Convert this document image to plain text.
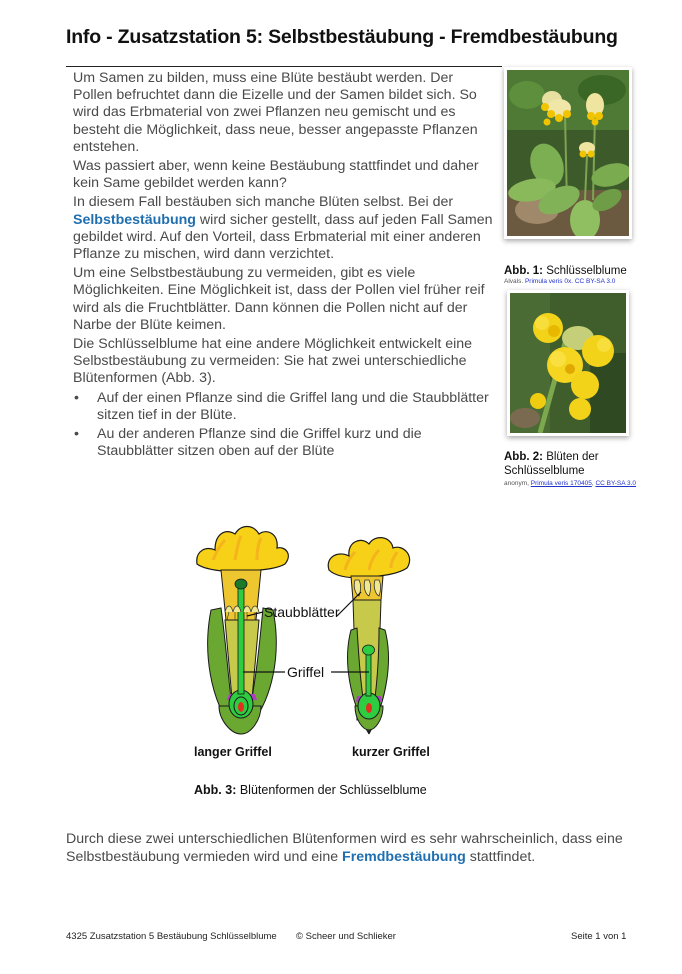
Info - Zusatzstation 5: Selbstbestäubung - Fremdbestäubung

Um Samen zu bilden, muss eine Blüte bestäubt werden. Der Pollen befruchtet dann die Eizelle und der Samen bildet sich. So wird das Erbmaterial von zwei Pflanzen neu gemischt und es besteht die Möglichkeit, dass neue, besser angepasste Pflanzen entstehen.

Was passiert aber, wenn keine Bestäubung stattfindet und daher kein Same gebildet werden kann?

In diesem Fall bestäuben sich manche Blüten selbst. Bei der Selbstbestäubung wird sicher gestellt, dass auf jeden Fall Samen gebildet wird. Auf den Vorteil, dass Erbmaterial mit einer anderen Pflanze zu mischen, wird dann verzichtet.

Um eine Selbstbestäubung zu vermeiden, gibt es viele Möglichkeiten. Eine Möglichkeit ist, dass der Pollen viel früher reif wird als die Fruchtblätter. Dann können die Pollen nicht auf der Narbe der Blüte keimen.

Die Schlüsselblume hat eine andere Möglichkeit entwickelt eine Selbstbestäubung zu vermeiden: Sie hat zwei unterschiedliche Blütenformen (Abb. 3).

• Auf der einen Pflanze sind die Griffel lang und die Staubblätter sitzen tief in der Blüte.
• Au der anderen Pflanze sind die Griffel kurz und die Staubblätter sitzen oben auf der Blüte
Abb. 1: Schlüsselblume
Alvals. Primula veris 0x. CC BY-SA 3.0
Abb. 2: Blüten der Schlüsselblume
anonym, Primula veris 170405, CC BY-SA 3.0
Staubblätter
Griffel
langer Griffel	kurzer Griffel
Abb. 3: Blütenformen der Schlüsselblume
Durch diese zwei unterschiedlichen Blütenformen wird es sehr wahrscheinlich, dass eine Selbstbestäubung vermieden wird und eine Fremdbestäubung stattfindet.
4325 Zusatzstation 5 Bestäubung Schlüsselblume © Scheer und Schlieker	Seite 1 von 1
